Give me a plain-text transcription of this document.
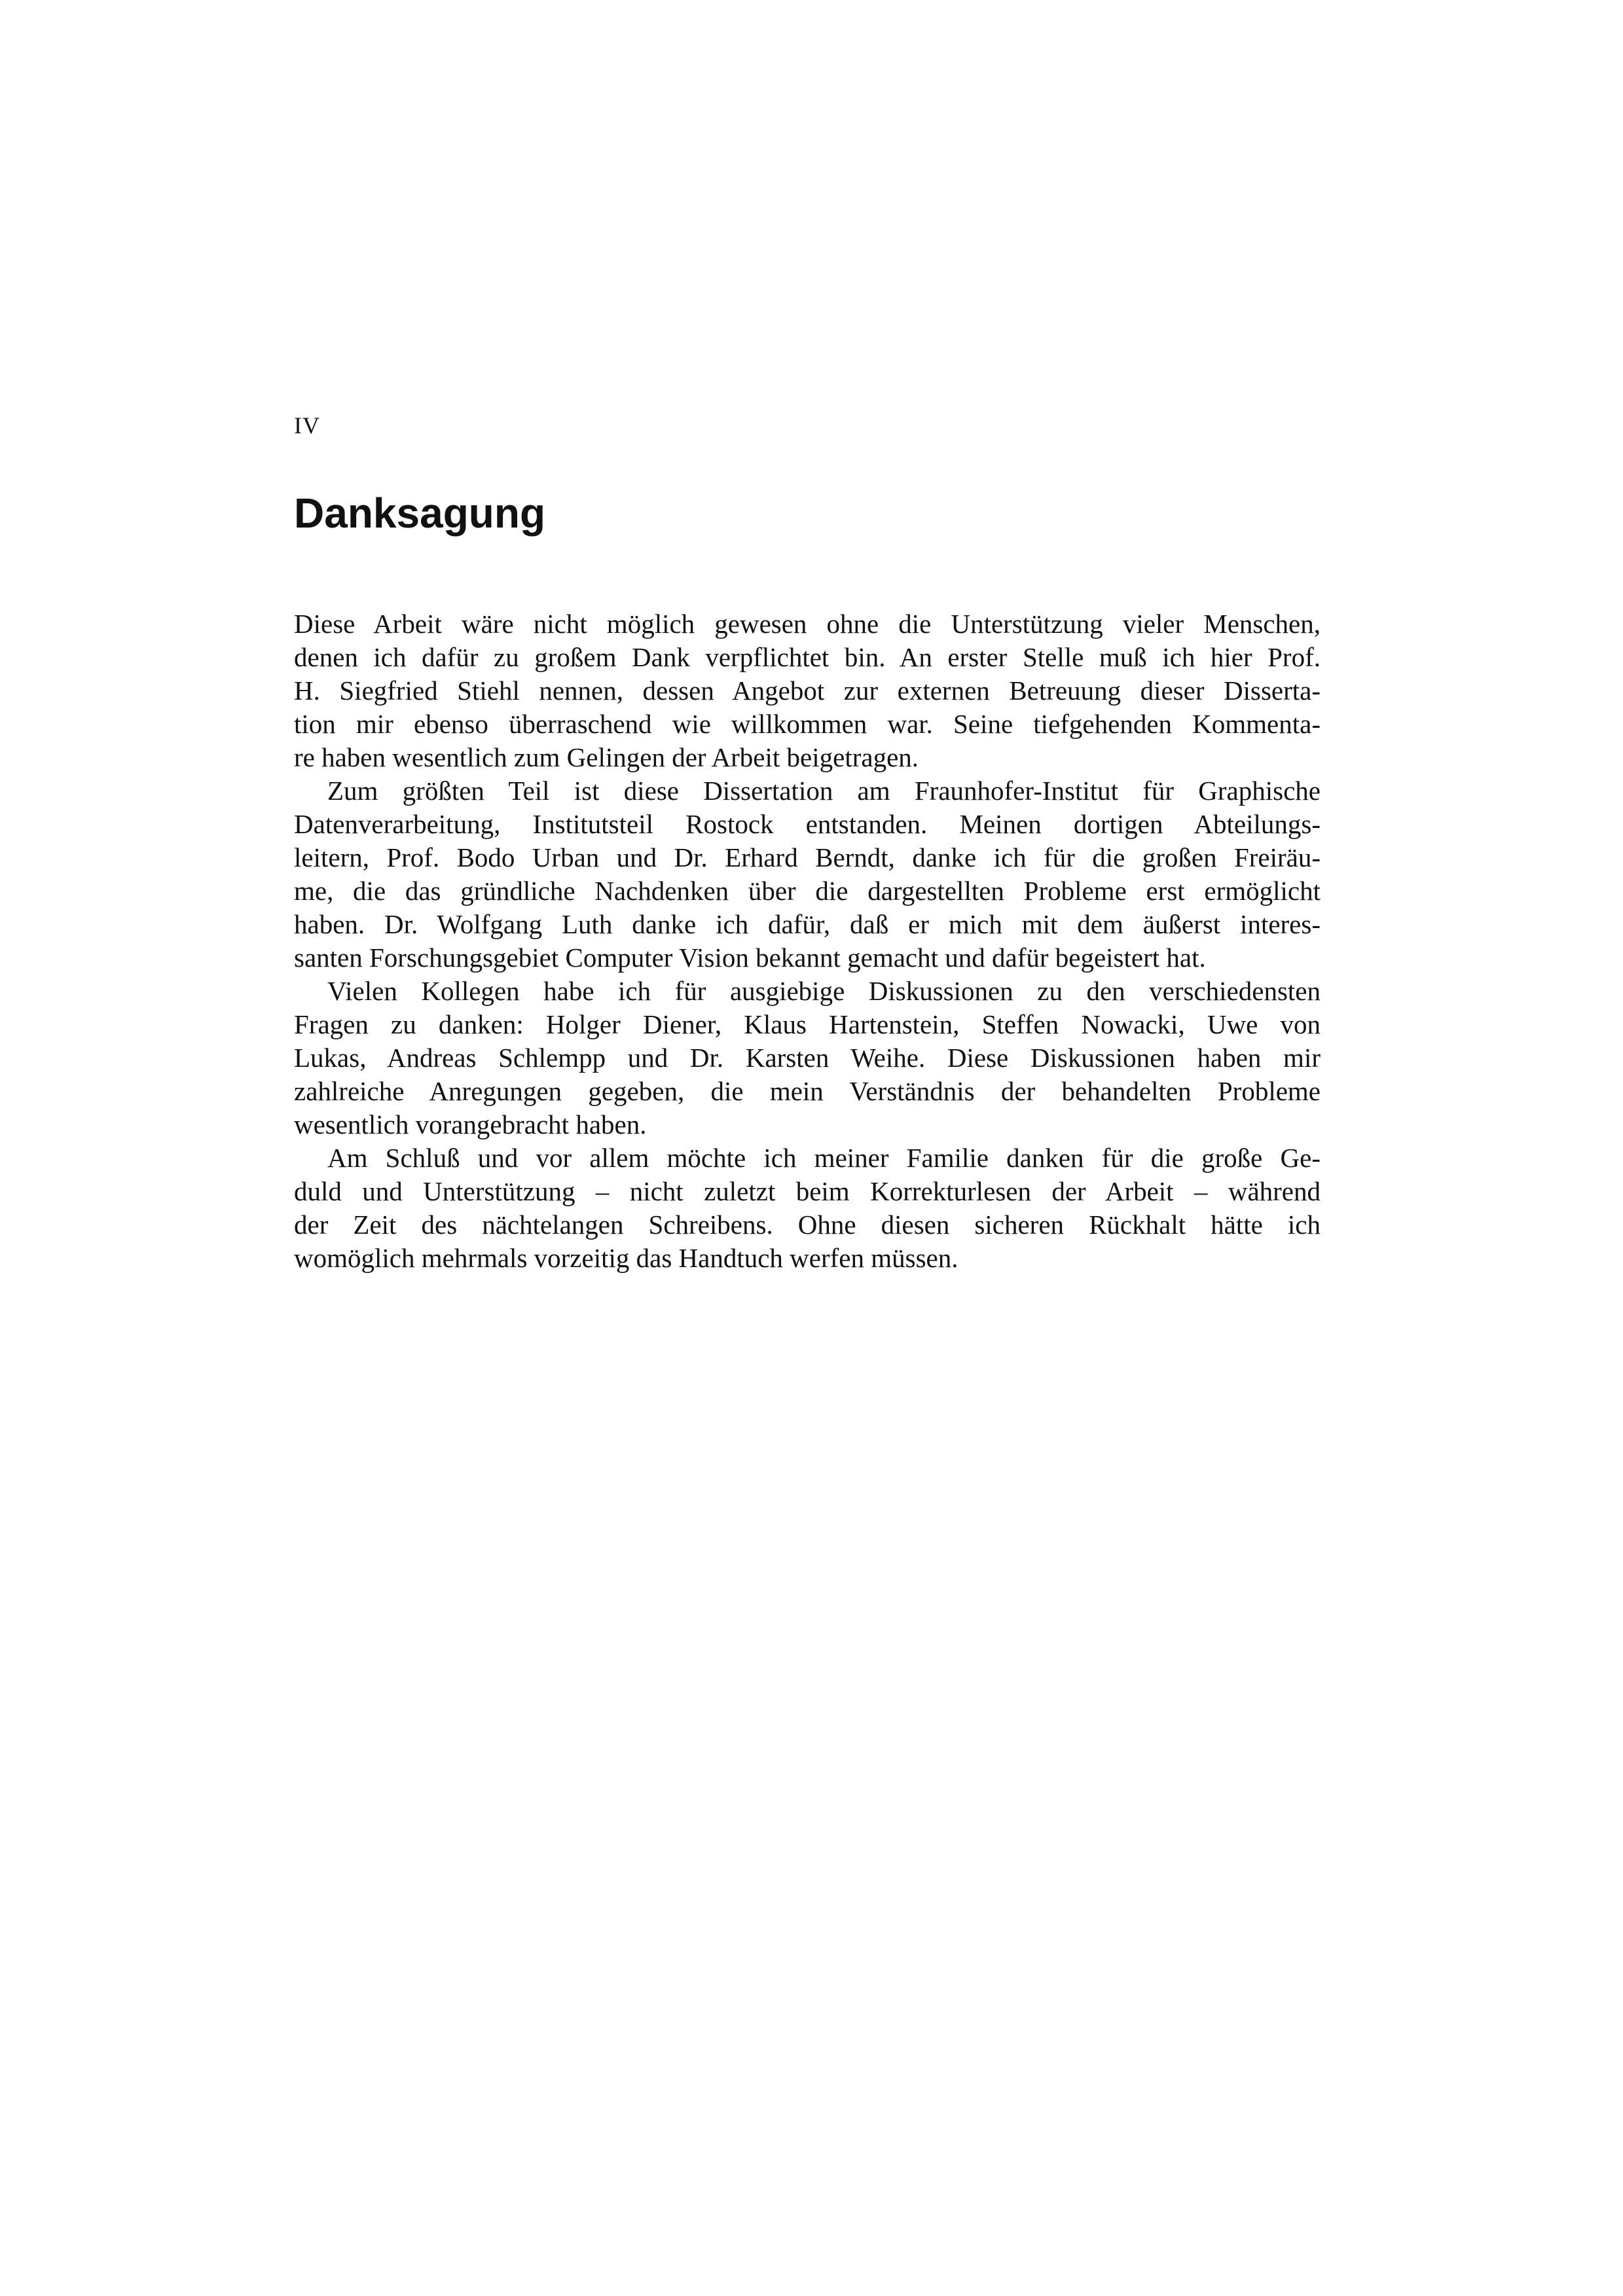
IV
Danksagung

Diese Arbeit wäre nicht möglich gewesen ohne die Unterstützung vieler Menschen,
denen ich dafür zu großem Dank verpflichtet bin. An erster Stelle muß ich hier Prof.
H. Siegfried Stiehl nennen, dessen Angebot zur externen Betreuung dieser Disserta-
tion mir ebenso überraschend wie willkommen war. Seine tiefgehenden Kommenta-
re haben wesentlich zum Gelingen der Arbeit beigetragen.

Zum größten Teil ist diese Dissertation am Fraunhofer-Institut für Graphische
Datenverarbeitung, Institutsteil Rostock entstanden. Meinen dortigen Abteilungs-
leitern, Prof. Bodo Urban und Dr. Erhard Berndt, danke ich für die großen Freiräu-
me, die das gründliche Nachdenken über die dargestellten Probleme erst ermöglicht
haben. Dr. Wolfgang Luth danke ich dafür, daß er mich mit dem äußerst interes-
santen Forschungsgebiet Computer Vision bekannt gemacht und dafür begeistert hat.

Vielen Kollegen habe ich für ausgiebige Diskussionen zu den verschiedensten
Fragen zu danken: Holger Diener, Klaus Hartenstein, Steffen Nowacki, Uwe von
Lukas, Andreas Schlempp und Dr. Karsten Weihe. Diese Diskussionen haben mir
zahlreiche Anregungen gegeben, die mein Verständnis der behandelten Probleme
wesentlich vorangebracht haben.

Am Schluß und vor allem möchte ich meiner Familie danken für die große Ge-
duld und Unterstützung – nicht zuletzt beim Korrekturlesen der Arbeit – während
der Zeit des nächtelangen Schreibens. Ohne diesen sicheren Rückhalt hätte ich
womöglich mehrmals vorzeitig das Handtuch werfen müssen.
